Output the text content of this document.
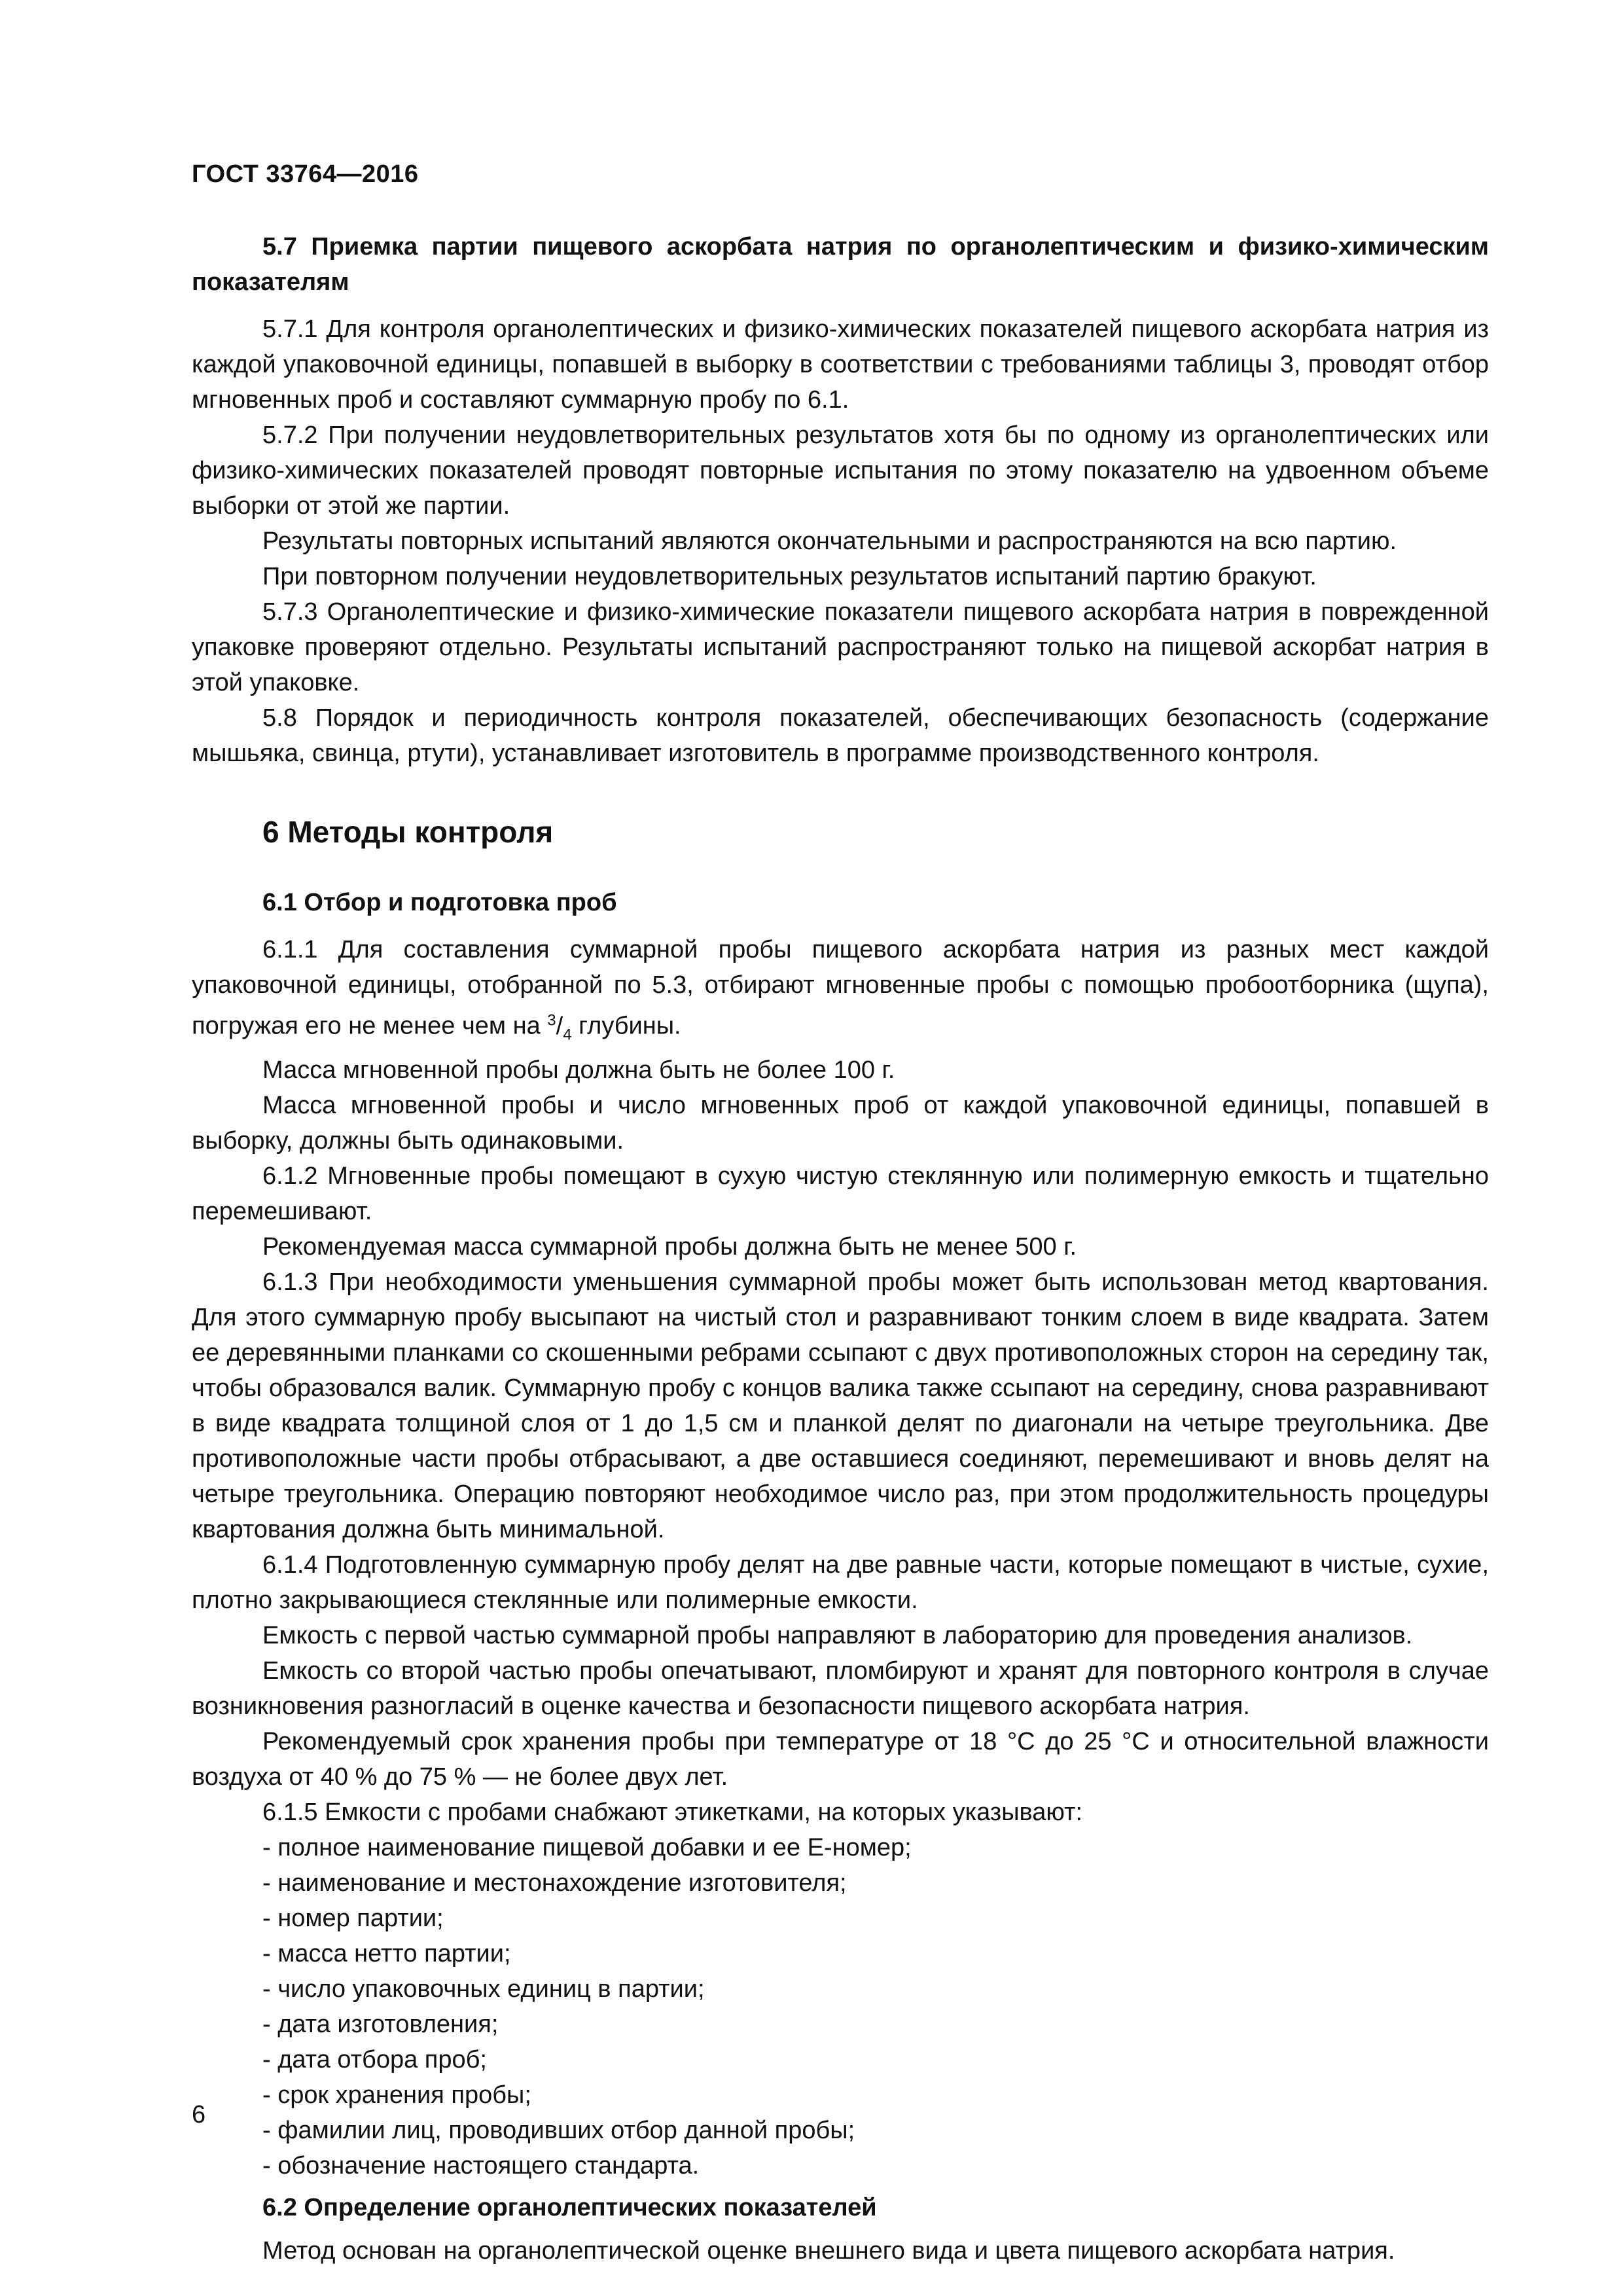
ГОСТ 33764—2016
5.7 Приемка партии пищевого аскорбата натрия по органолептическим и физико-химическим показателям

5.7.1 Для контроля органолептических и физико-химических показателей пищевого аскорбата натрия из каждой упаковочной единицы, попавшей в выборку в соответствии с требованиями таблицы 3, проводят отбор мгновенных проб и составляют суммарную пробу по 6.1.

5.7.2 При получении неудовлетворительных результатов хотя бы по одному из органолептических или физико-химических показателей проводят повторные испытания по этому показателю на удвоенном объеме выборки от этой же партии.

Результаты повторных испытаний являются окончательными и распространяются на всю партию.

При повторном получении неудовлетворительных результатов испытаний партию бракуют.

5.7.3 Органолептические и физико-химические показатели пищевого аскорбата натрия в поврежденной упаковке проверяют отдельно. Результаты испытаний распространяют только на пищевой аскорбат натрия в этой упаковке.

5.8 Порядок и периодичность контроля показателей, обеспечивающих безопасность (содержание мышьяка, свинца, ртути), устанавливает изготовитель в программе производственного контроля.

6 Методы контроля
6.1 Отбор и подготовка проб

6.1.1 Для составления суммарной пробы пищевого аскорбата натрия из разных мест каждой упаковочной единицы, отобранной по 5.3, отбирают мгновенные пробы с помощью пробоотборника (щупа), погружая его не менее чем на $^3/_4$ глубины.

Масса мгновенной пробы должна быть не более 100 г.

Масса мгновенной пробы и число мгновенных проб от каждой упаковочной единицы, попавшей в выборку, должны быть одинаковыми.

6.1.2 Мгновенные пробы помещают в сухую чистую стеклянную или полимерную емкость и тщательно перемешивают.

Рекомендуемая масса суммарной пробы должна быть не менее 500 г.

6.1.3 При необходимости уменьшения суммарной пробы может быть использован метод квартования. Для этого суммарную пробу высыпают на чистый стол и разравнивают тонким слоем в виде квадрата. Затем ее деревянными планками со скошенными ребрами ссыпают с двух противоположных сторон на середину так, чтобы образовался валик. Суммарную пробу с концов валика также ссыпают на середину, снова разравнивают в виде квадрата толщиной слоя от 1 до 1,5 см и планкой делят по диагонали на четыре треугольника. Две противоположные части пробы отбрасывают, а две оставшиеся соединяют, перемешивают и вновь делят на четыре треугольника. Операцию повторяют необходимое число раз, при этом продолжительность процедуры квартования должна быть минимальной.

6.1.4 Подготовленную суммарную пробу делят на две равные части, которые помещают в чистые, сухие, плотно закрывающиеся стеклянные или полимерные емкости.

Емкость с первой частью суммарной пробы направляют в лабораторию для проведения анализов.

Емкость со второй частью пробы опечатывают, пломбируют и хранят для повторного контроля в случае возникновения разногласий в оценке качества и безопасности пищевого аскорбата натрия.

Рекомендуемый срок хранения пробы при температуре от 18 °С до 25 °С и относительной влажности воздуха от 40 % до 75 % — не более двух лет.

6.1.5 Емкости с пробами снабжают этикетками, на которых указывают:

- полное наименование пищевой добавки и ее Е-номер;
- наименование и местонахождение изготовителя;
- номер партии;
- масса нетто партии;
- число упаковочных единиц в партии;
- дата изготовления;
- дата отбора проб;
- срок хранения пробы;
- фамилии лиц, проводивших отбор данной пробы;
- обозначение настоящего стандарта.
6.2 Определение органолептических показателей

Метод основан на органолептической оценке внешнего вида и цвета пищевого аскорбата натрия.

6
